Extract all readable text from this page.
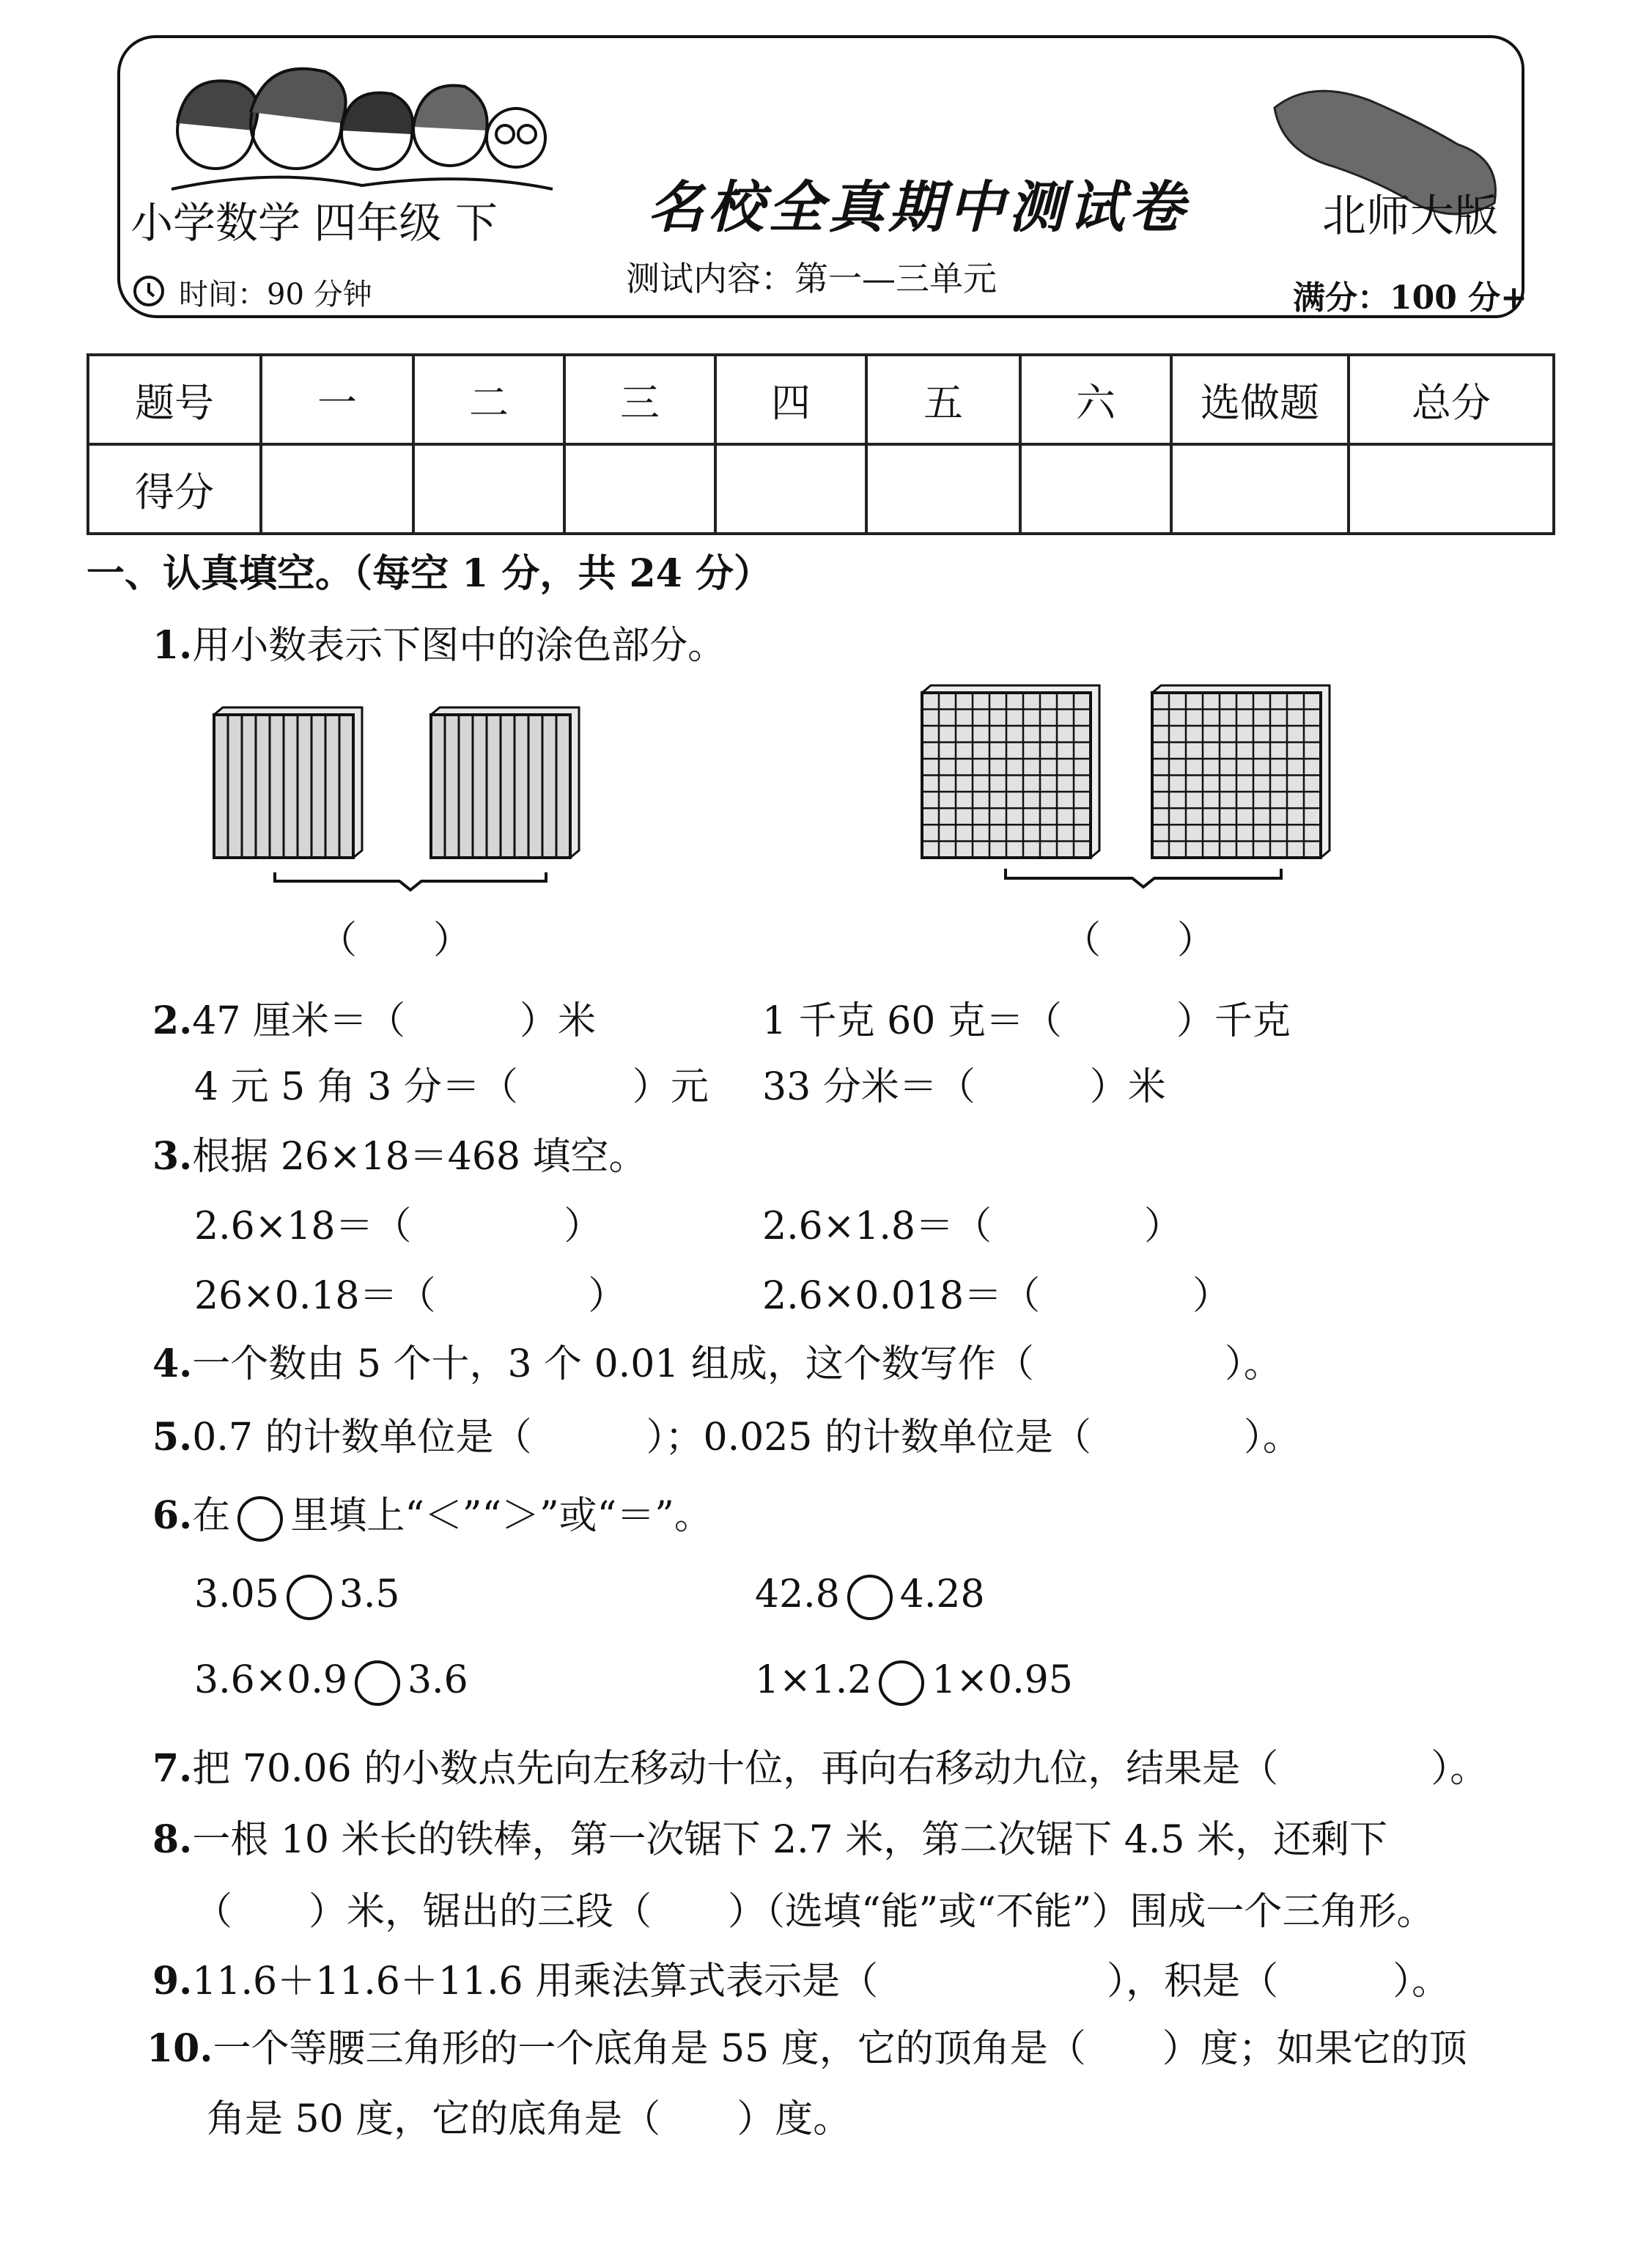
小学数学 四年级 下	名校全真期中测试卷	北师大版
时间：90 分钟	测试内容：第一—三单元	满分：100 分+
题号	一	二	三	四	五	六	选做题	总分
得分								
一、认真填空。（每空 1 分，共 24 分）
1.用小数表示下图中的涂色部分。
（　　）	（　　）
2.47 厘米＝（　　　）米	1 千克 60 克＝（　　　）千克
4 元 5 角 3 分＝（　　　）元 33 分米＝（　　　）米
3.根据 26×18＝468 填空。
2.6×18＝（　　　　）	2.6×1.8＝（　　　　）
26×0.18＝（　　　　）	2.6×0.018＝（　　　　）
4.一个数由 5 个十，3 个 0.01 组成，这个数写作（　　　　　）。
5.0.7 的计数单位是（　　　）；0.025 的计数单位是（　　　　）。
6.在 里填上“＜”“＞”或“＝”。
3.05 3.5	42.8 4.28
3.6×0.9 3.6	1×1.2 1×0.95
7.把 70.06 的小数点先向左移动十位，再向右移动九位，结果是（　　　　）。
8.一根 10 米长的铁棒，第一次锯下 2.7 米，第二次锯下 4.5 米，还剩下
（　　）米，锯出的三段（　　）（选填“能”或“不能”）围成一个三角形。
9.11.6＋11.6＋11.6 用乘法算式表示是（　　　　　　），积是（　　　）。
10.一个等腰三角形的一个底角是 55 度，它的顶角是（　　）度；如果它的顶
角是 50 度，它的底角是（　　）度。
